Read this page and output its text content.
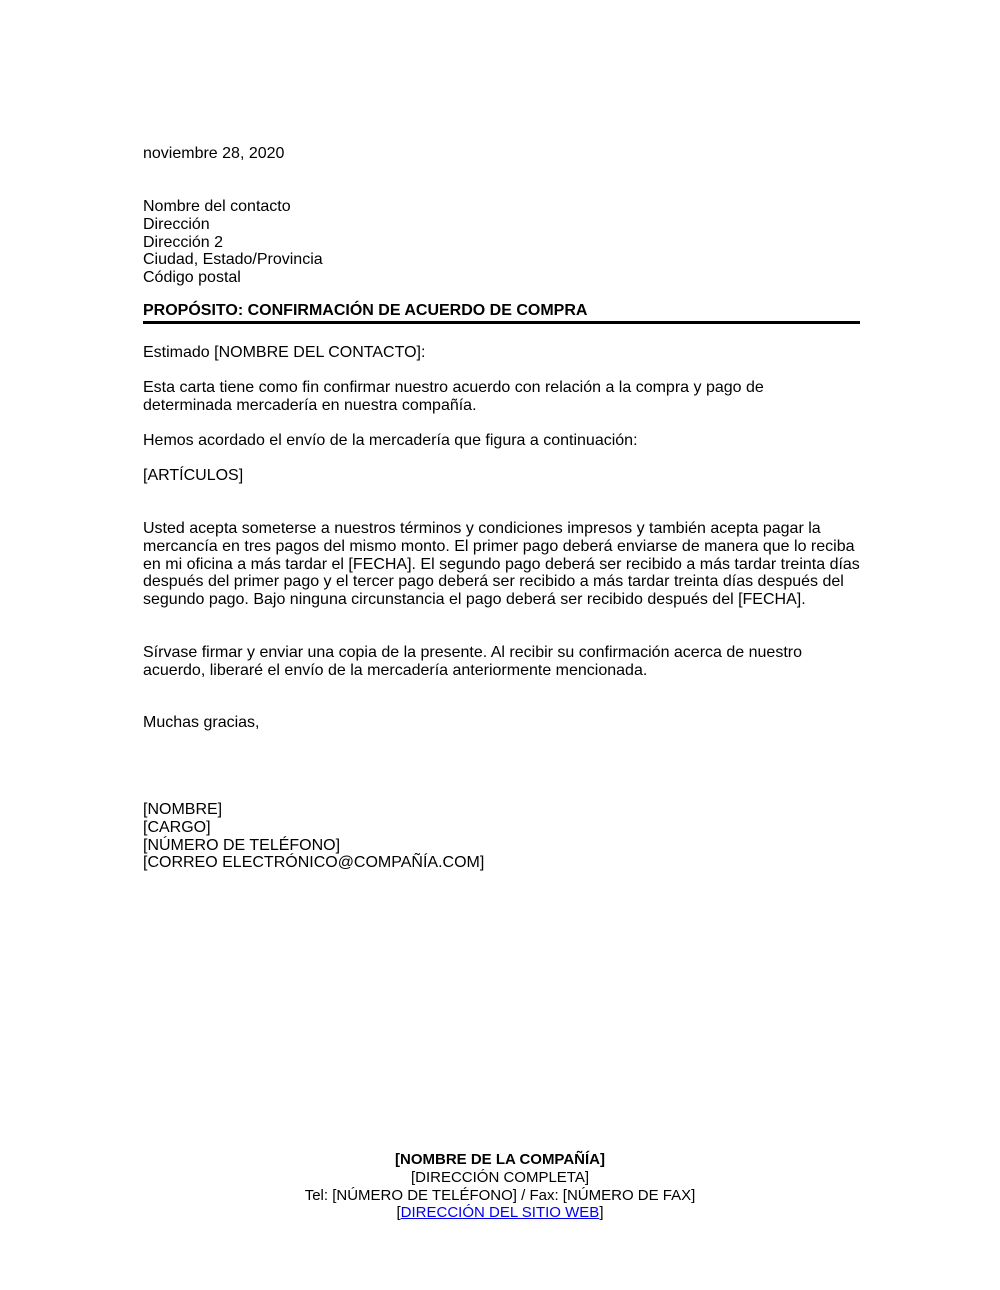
noviembre 28, 2020
Nombre del contacto
Dirección
Dirección 2
Ciudad, Estado/Provincia
Código postal
PROPÓSITO: CONFIRMACIÓN DE ACUERDO DE COMPRA
Estimado [NOMBRE DEL CONTACTO]:
Esta carta tiene como fin confirmar nuestro acuerdo con relación a la compra y pago de determinada mercadería en nuestra compañía.
Hemos acordado el envío de la mercadería que figura a continuación:
[ARTÍCULOS]
Usted acepta someterse a nuestros términos y condiciones impresos y también acepta pagar la mercancía en tres pagos del mismo monto. El primer pago deberá enviarse de manera que lo reciba en mi oficina a más tardar el [FECHA]. El segundo pago deberá ser recibido a más tardar treinta días después del primer pago y el tercer pago deberá ser recibido a más tardar treinta días después del segundo pago. Bajo ninguna circunstancia el pago deberá ser recibido después del [FECHA].
Sírvase firmar y enviar una copia de la presente. Al recibir su confirmación acerca de nuestro acuerdo, liberaré el envío de la mercadería anteriormente mencionada.
Muchas gracias,
[NOMBRE]
[CARGO]
[NÚMERO DE TELÉFONO]
[CORREO ELECTRÓNICO@COMPAÑÍA.COM]
[NOMBRE DE LA COMPAÑÍA]
[DIRECCIÓN COMPLETA]
Tel: [NÚMERO DE TELÉFONO] / Fax: [NÚMERO DE FAX]
[DIRECCIÓN DEL SITIO WEB]
